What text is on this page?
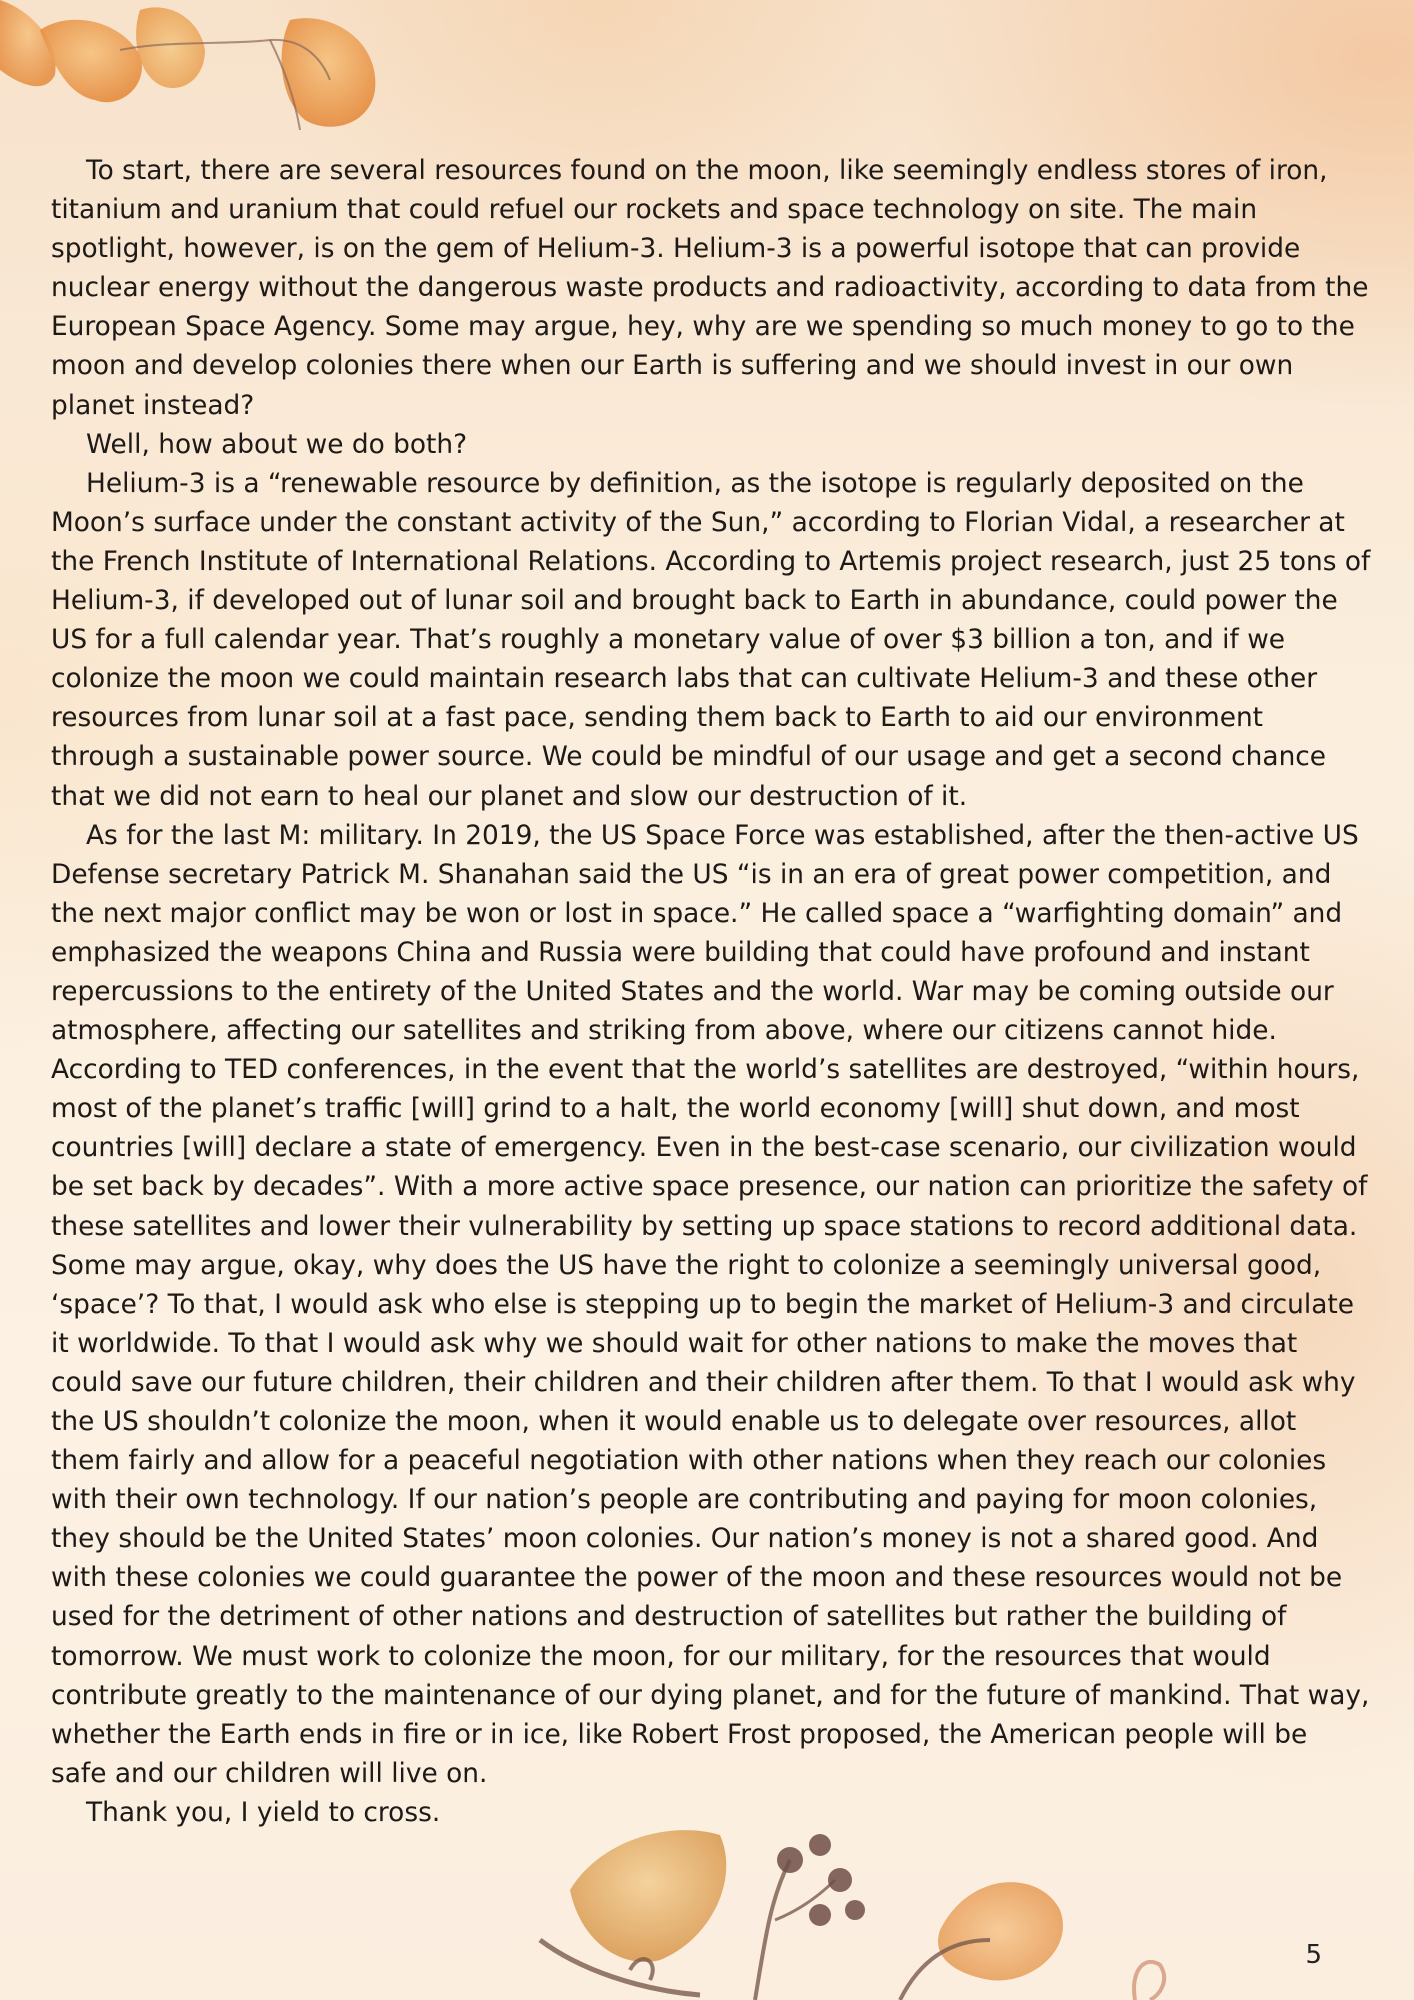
To start, there are several resources found on the moon, like seemingly endless stores of iron, titanium and uranium that could refuel our rockets and space technology on site. The main spotlight, however, is on the gem of Helium-3. Helium-3 is a powerful isotope that can provide nuclear energy without the dangerous waste products and radioactivity, according to data from the European Space Agency. Some may argue, hey, why are we spending so much money to go to the moon and develop colonies there when our Earth is suffering and we should invest in our own planet instead?

Well, how about we do both?

Helium-3 is a “renewable resource by definition, as the isotope is regularly deposited on the Moon’s surface under the constant activity of the Sun,” according to Florian Vidal, a researcher at the French Institute of International Relations. According to Artemis project research, just 25 tons of Helium-3, if developed out of lunar soil and brought back to Earth in abundance, could power the US for a full calendar year. That’s roughly a monetary value of over $3 billion a ton, and if we colonize the moon we could maintain research labs that can cultivate Helium-3 and these other resources from lunar soil at a fast pace, sending them back to Earth to aid our environment through a sustainable power source. We could be mindful of our usage and get a second chance that we did not earn to heal our planet and slow our destruction of it.

As for the last M: military. In 2019, the US Space Force was established, after the then-active US Defense secretary Patrick M. Shanahan said the US “is in an era of great power competition, and the next major conflict may be won or lost in space.” He called space a “warfighting domain” and emphasized the weapons China and Russia were building that could have profound and instant repercussions to the entirety of the United States and the world. War may be coming outside our atmosphere, affecting our satellites and striking from above, where our citizens cannot hide. According to TED conferences, in the event that the world’s satellites are destroyed, “within hours, most of the planet’s traffic [will] grind to a halt, the world economy [will] shut down, and most countries [will] declare a state of emergency. Even in the best-case scenario, our civilization would be set back by decades”. With a more active space presence, our nation can prioritize the safety of these satellites and lower their vulnerability by setting up space stations to record additional data. Some may argue, okay, why does the US have the right to colonize a seemingly universal good, ‘space’? To that, I would ask who else is stepping up to begin the market of Helium-3 and circulate it worldwide. To that I would ask why we should wait for other nations to make the moves that could save our future children, their children and their children after them. To that I would ask why the US shouldn’t colonize the moon, when it would enable us to delegate over resources, allot them fairly and allow for a peaceful negotiation with other nations when they reach our colonies with their own technology. If our nation’s people are contributing and paying for moon colonies, they should be the United States’ moon colonies. Our nation’s money is not a shared good. And with these colonies we could guarantee the power of the moon and these resources would not be used for the detriment of other nations and destruction of satellites but rather the building of tomorrow. We must work to colonize the moon, for our military, for the resources that would contribute greatly to the maintenance of our dying planet, and for the future of mankind. That way, whether the Earth ends in fire or in ice, like Robert Frost proposed, the American people will be safe and our children will live on.

Thank you, I yield to cross.

5
